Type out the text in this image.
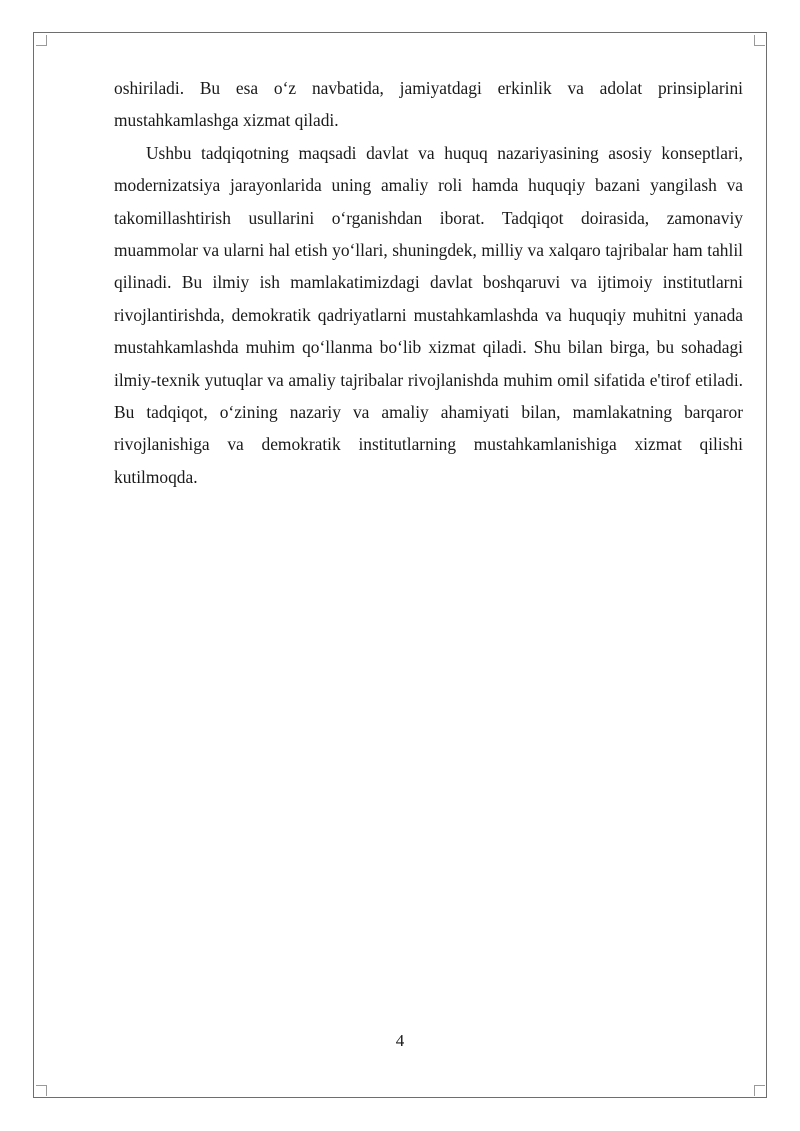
oshiriladi. Bu esa o‘z navbatida, jamiyatdagi erkinlik va adolat prinsiplarini mustahkamlashga xizmat qiladi.

Ushbu tadqiqotning maqsadi davlat va huquq nazariyasining asosiy konseptlari, modernizatsiya jarayonlarida uning amaliy roli hamda huquqiy bazani yangilash va takomillashtirish usullarini o‘rganishdan iborat. Tadqiqot doirasida, zamonaviy muammolar va ularni hal etish yo‘llari, shuningdek, milliy va xalqaro tajribalar ham tahlil qilinadi. Bu ilmiy ish mamlakatimizdagi davlat boshqaruvi va ijtimoiy institutlarni rivojlantirishda, demokratik qadriyatlarni mustahkamlashda va huquqiy muhitni yanada mustahkamlashda muhim qo‘llanma bo‘lib xizmat qiladi. Shu bilan birga, bu sohadagi ilmiy-texnik yutuqlar va amaliy tajribalar rivojlanishda muhim omil sifatida e'tirof etiladi. Bu tadqiqot, o‘zining nazariy va amaliy ahamiyati bilan, mamlakatning barqaror rivojlanishiga va demokratik institutlarning mustahkamlanishiga xizmat qilishi kutilmoqda.

4
